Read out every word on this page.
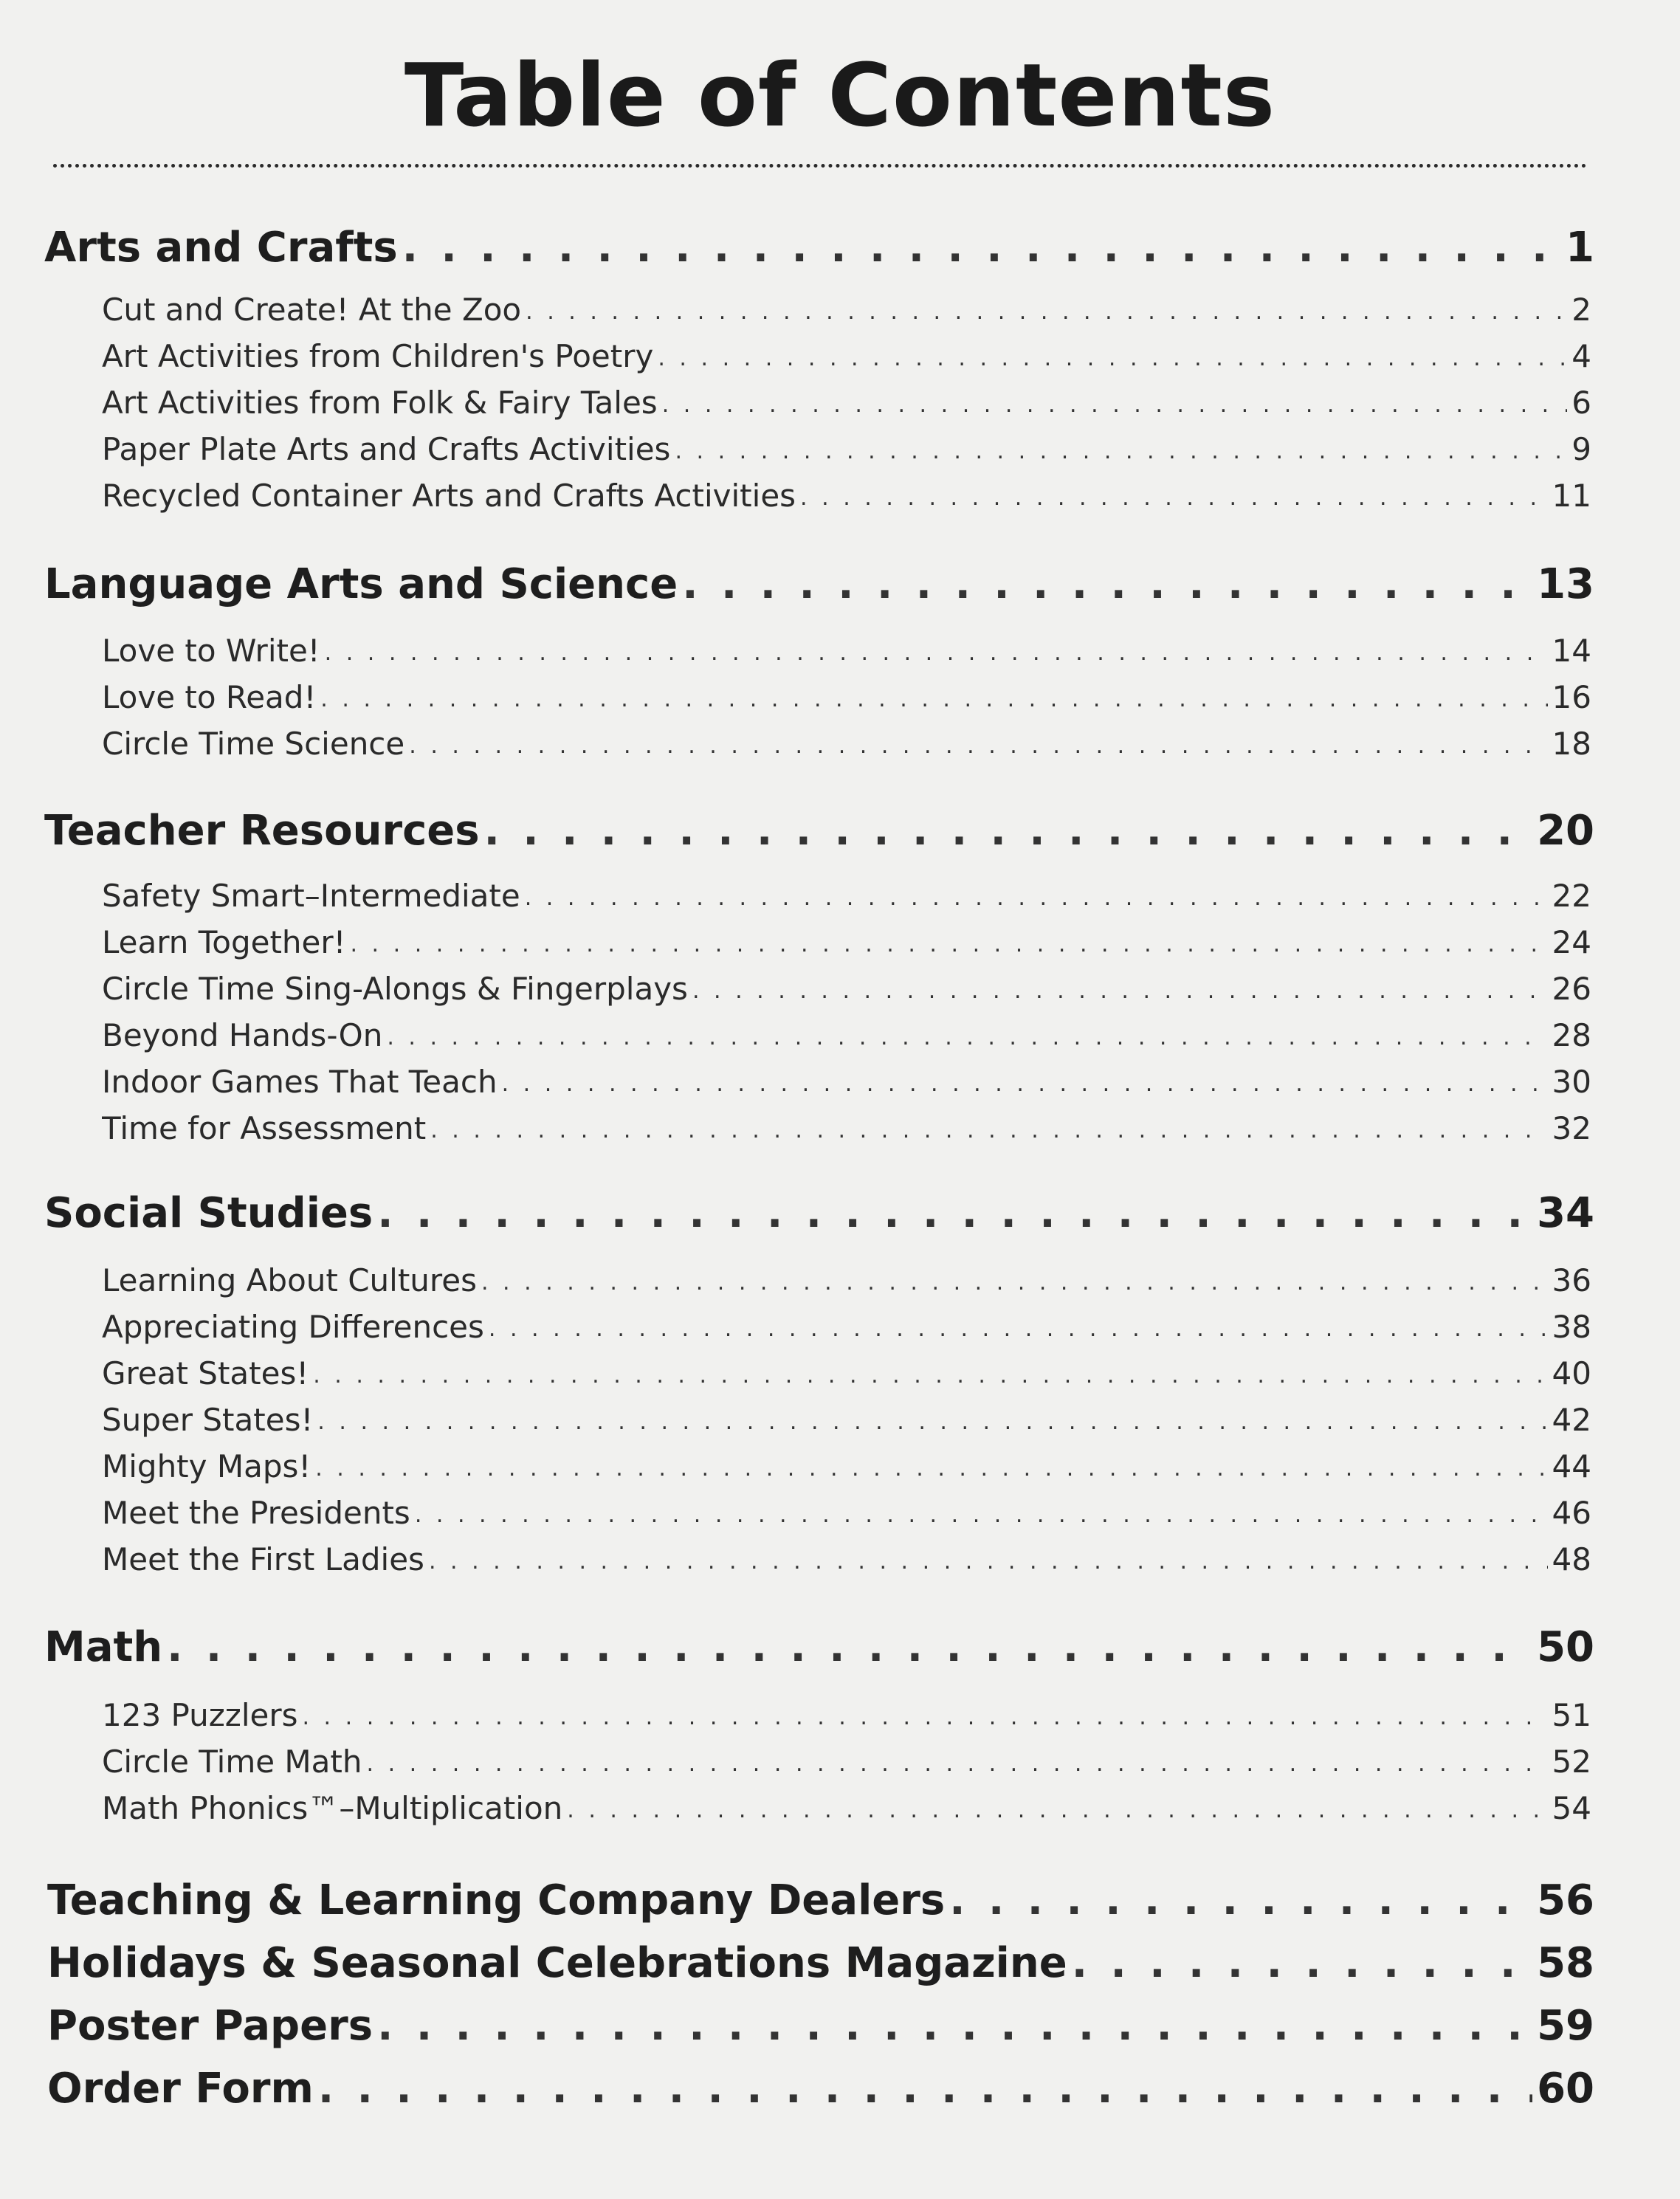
Table of Contents
Arts and Crafts . . .	1
Cut and Create! At the Zoo . . .	2
Art Activities from Children's Poetry . . .	4
Art Activities from Folk & Fairy Tales . . .	6
Paper Plate Arts and Crafts Activities . . .	9
Recycled Container Arts and Crafts Activities . . .	11
Language Arts and Science . . .	13
Love to Write! . . .	14
Love to Read! . . .	16
Circle Time Science . . .	18
Teacher Resources . . .	20
Safety Smart–Intermediate . . .	22
Learn Together! . . .	24
Circle Time Sing-Alongs & Fingerplays . . .	26
Beyond Hands-On . . .	28
Indoor Games That Teach . . .	30
Time for Assessment . . .	32
Social Studies . . .	34
Learning About Cultures . . .	36
Appreciating Differences . . .	38
Great States! . . .	40
Super States! . . .	42
Mighty Maps! . . .	44
Meet the Presidents . . .	46
Meet the First Ladies . . .	48
Math . . .	50
123 Puzzlers . . .	51
Circle Time Math . . .	52
Math Phonics™–Multiplication . . .	54
Teaching & Learning Company Dealers . . .	56
Holidays & Seasonal Celebrations Magazine . . .	58
Poster Papers . . .	59
Order Form . . .	60
